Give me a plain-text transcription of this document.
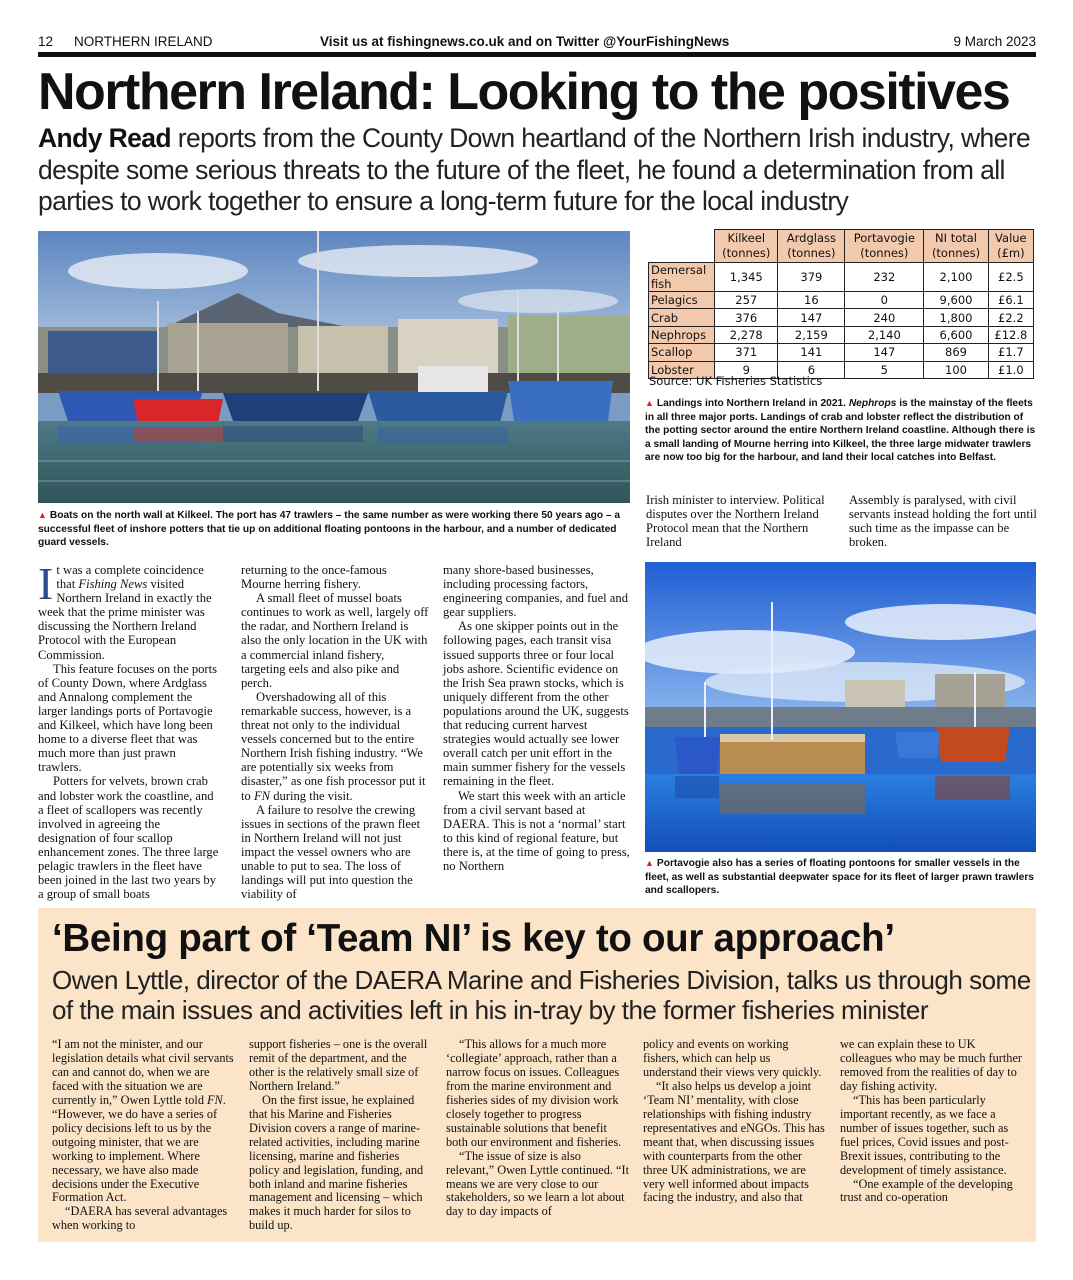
12 NORTHERN IRELAND	Visit us at fishingnews.co.uk and on Twitter @YourFishingNews	9 March 2023
Northern Ireland: Looking to the positives
Andy Read reports from the County Down heartland of the Northern Irish industry, where despite some serious threats to the future of the fleet, he found a determination from all parties to work together to ensure a long-term future for the local industry
▲ Boats on the north wall at Kilkeel. The port has 47 trawlers – the same number as were working there 50 years ago – a successful fleet of inshore potters that tie up on additional floating pontoons in the harbour, and a number of dedicated guard vessels.
	Kilkeel (tonnes)	Ardglass (tonnes)	Portavogie (tonnes)	NI total (tonnes)	Value (£m)
Demersal fish	1,345	379	232	2,100	£2.5
Pelagics	257	16	0	9,600	£6.1
Crab	376	147	240	1,800	£2.2
Nephrops	2,278	2,159	2,140	6,600	£12.8
Scallop	371	141	147	869	£1.7
Lobster	9	6	5	100	£1.0
Source: UK Fisheries Statistics
▲ Landings into Northern Ireland in 2021. Nephrops is the mainstay of the fleets in all three major ports. Landings of crab and lobster reflect the distribution of the potting sector around the entire Northern Ireland coastline. Although there is a small landing of Mourne herring into Kilkeel, the three large midwater trawlers are now too big for the harbour, and land their local catches into Belfast.

It was a complete coincidence that Fishing News visited Northern Ireland in exactly the week that the prime minister was discussing the Northern Ireland Protocol with the European Commission.

This feature focuses on the ports of County Down, where Ardglass and Annalong complement the larger landings ports of Portavogie and Kilkeel, which have long been home to a diverse fleet that was much more than just prawn trawlers.

Potters for velvets, brown crab and lobster work the coastline, and a fleet of scallopers was recently involved in agreeing the designation of four scallop enhancement zones. The three large pelagic trawlers in the fleet have been joined in the last two years by a group of small boats

returning to the once-famous Mourne herring fishery.

A small fleet of mussel boats continues to work as well, largely off the radar, and Northern Ireland is also the only location in the UK with a commercial inland fishery, targeting eels and also pike and perch.

Overshadowing all of this remarkable success, however, is a threat not only to the individual vessels concerned but to the entire Northern Irish fishing industry. “We are potentially six weeks from disaster,” as one fish processor put it to FN during the visit.

A failure to resolve the crewing issues in sections of the prawn fleet in Northern Ireland will not just impact the vessel owners who are unable to put to sea. The loss of landings will put into question the viability of

many shore-based businesses, including processing factors, engineering companies, and fuel and gear suppliers.

As one skipper points out in the following pages, each transit visa issued supports three or four local jobs ashore. Scientific evidence on the Irish Sea prawn stocks, which is uniquely different from the other populations around the UK, suggests that reducing current harvest strategies would actually see lower overall catch per unit effort in the main summer fishery for the vessels remaining in the fleet.

We start this week with an article from a civil servant based at DAERA. This is not a ‘normal’ start to this kind of regional feature, but there is, at the time of going to press, no Northern

Irish minister to interview. Political disputes over the Northern Ireland Protocol mean that the Northern Ireland

Assembly is paralysed, with civil servants instead holding the fort until such time as the impasse can be broken.

▲ Portavogie also has a series of floating pontoons for smaller vessels in the fleet, as well as substantial deepwater space for its fleet of larger prawn trawlers and scallopers.
‘Being part of ‘Team NI’ is key to our approach’
Owen Lyttle, director of the DAERA Marine and Fisheries Division, talks us through some of the main issues and activities left in his in-tray by the former fisheries minister

“I am not the minister, and our legislation details what civil servants can and cannot do, when we are faced with the situation we are currently in,” Owen Lyttle told FN. “However, we do have a series of policy decisions left to us by the outgoing minister, that we are working to implement. Where necessary, we have also made decisions under the Executive Formation Act.

“DAERA has several advantages when working to

support fisheries – one is the overall remit of the department, and the other is the relatively small size of Northern Ireland.”

On the first issue, he explained that his Marine and Fisheries Division covers a range of marine-related activities, including marine licensing, marine and fisheries policy and legislation, funding, and both inland and marine fisheries management and licensing – which makes it much harder for silos to build up.

“This allows for a much more ‘collegiate’ approach, rather than a narrow focus on issues. Colleagues from the marine environment and fisheries sides of my division work closely together to progress sustainable solutions that benefit both our environment and fisheries.

“The issue of size is also relevant,” Owen Lyttle continued. “It means we are very close to our stakeholders, so we learn a lot about day to day impacts of

policy and events on working fishers, which can help us understand their views very quickly.

“It also helps us develop a joint ‘Team NI’ mentality, with close relationships with fishing industry representatives and eNGOs. This has meant that, when discussing issues with counterparts from the other three UK administrations, we are very well informed about impacts facing the industry, and also that

we can explain these to UK colleagues who may be much further removed from the realities of day to day fishing activity.

“This has been particularly important recently, as we face a number of issues together, such as fuel prices, Covid issues and post-Brexit issues, contributing to the development of timely assistance.

“One example of the developing trust and co-operation
